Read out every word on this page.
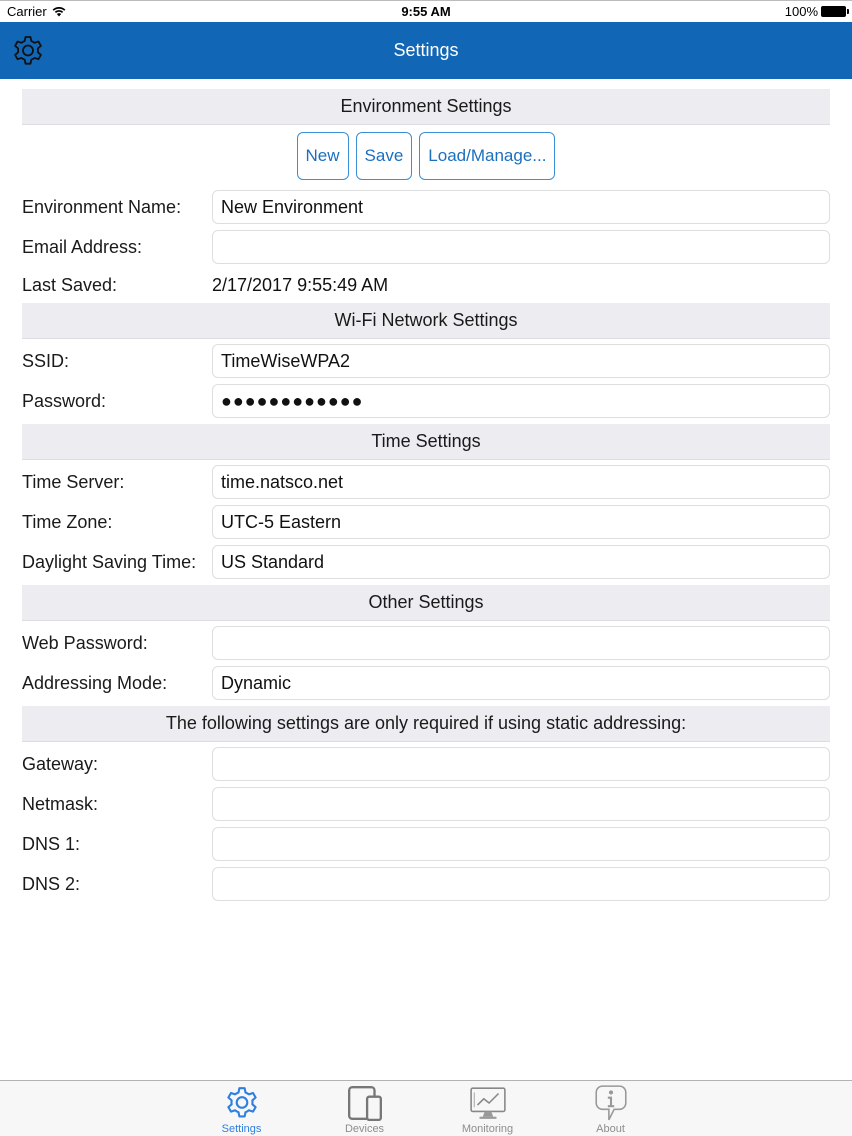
Carrier	9:55 AM	100%
Settings
Environment Settings
New	Save	Load/Manage...
Environment Name:	New Environment
Email Address:
Last Saved:	2/17/2017 9:55:49 AM
Wi-Fi Network Settings
SSID:	TimeWiseWPA2
Password:	●●●●●●●●●●●●
Time Settings
Time Server:	time.natsco.net
Time Zone:	UTC-5 Eastern
Daylight Saving Time:	US Standard
Other Settings
Web Password:
Addressing Mode:	Dynamic
The following settings are only required if using static addressing:
Gateway:
Netmask:
DNS 1:
DNS 2:
Settings	Devices	Monitoring	About
